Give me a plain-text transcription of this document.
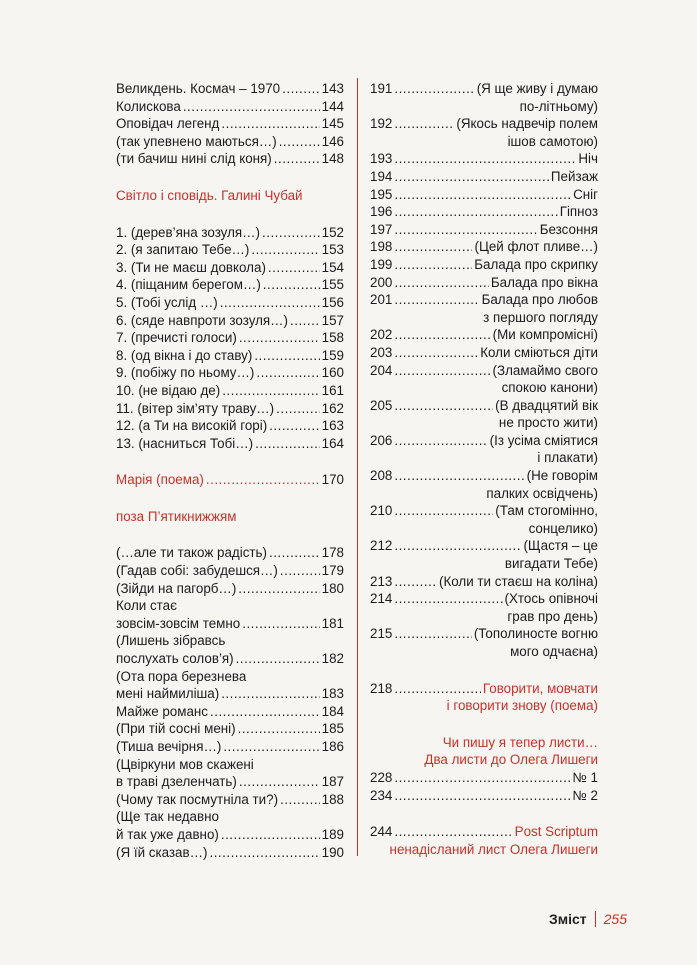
Великдень. Космач – 1970 .....	143
Колискова .....	144
Оповідач легенд .....	145
(так упевнено маються…) .....	146
(ти бачиш нині слід коня) .....	148
Світло і сповідь. Галині Чубай
1. (дерев’яна зозуля…) .....	152
2. (я запитаю Тебе…) .....	153
3. (Ти не маєш довкола) .....	154
4. (піщаним берегом…) .....	155
5. (Тобі услід …) .....	156
6. (сяде навпроти зозуля…) .....	157
7. (пречисті голоси) .....	158
8. (од вікна і до ставу) .....	159
9. (побіжу по ньому…) .....	160
10. (не відаю де) .....	161
11. (вітер зім’яту траву…) .....	162
12. (а Ти на високій горі) .....	163
13. (насниться Тобі…) .....	164
Марія (поема) .....	170
поза П’ятикнижжям
(…але ти також радість) .....	178
(Гадав собі: забудешся…) .....	179
(Зійди на пагорб…) .....	180
Коли стає
зовсім-зовсім темно .....	181
(Лишень зібравсь
послухать солов’я) .....	182
(Ота пора березнева
мені наймиліша) .....	183
Майже романс .....	184
(При тій сосні мені) .....	185
(Тиша вечірня…) .....	186
(Цвіркуни мов скажені
в траві дзеленчать) .....	187
(Чому так посмутніла ти?) .....	188
(Ще так недавно
й так уже давно) .....	189
(Я їй сказав…) .....	190
191 .....	(Я ще живу і думаю
по-літньому)
192 .....	(Якось надвечір полем
ішов самотою)
193 .....	Ніч
194 .....	Пейзаж
195 .....	Сніг
196 .....	Гіпноз
197 .....	Безсоння
198 .....	(Цей флот пливе…)
199 .....	Балада про скрипку
200 .....	Балада про вікна
201 .....	Балада про любов
з першого погляду
202 .....	(Ми компромісні)
203 .....	Коли сміються діти
204 .....	(Зламаймо свого
спокою канони)
205 .....	(В двадцятий вік
не просто жити)
206 .....	(Із усіма сміятися
і плакати)
208 .....	(Не говорім
палких освідчень)
210 .....	(Там стогомінно,
сонцелико)
212 .....	(Щастя – це
вигадати Тебе)
213 .....	(Коли ти стаєш на коліна)
214 .....	(Хтось опівночі
грав про день)
215 .....	(Тополиносте вогню
мого одчаєна)
218 .....	Говорити, мовчати
і говорити знову (поема)
Чи пишу я тепер листи…
Два листи до Олега Лишеги
228 .....	№ 1
234 .....	№ 2
244 .....	Post Scriptum
ненадісланий лист Олега Лишеги
Зміст 255
